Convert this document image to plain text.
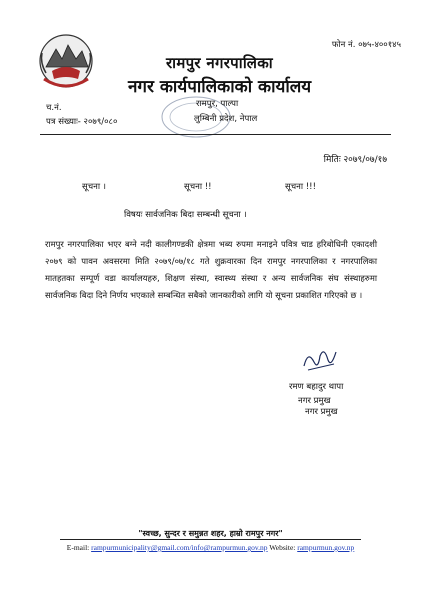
फोन नं. ०७५-४००१४५
रामपुर नगरपालिका
नगर कार्यपालिकाको कार्यालय
रामपुर, पाल्पा
लुम्बिनी प्रदेश, नेपाल
च.नं.
पत्र संख्याः- २०७९/०८०
मितिः २०७९/०७/१७
सूचना ।	सूचना !!	सूचना !!!
विषयः सार्वजनिक बिदा सम्बन्धी सूचना ।
रामपुर नगरपालिका भएर बग्ने नदी कालीगण्डकी क्षेत्रमा भब्य रुपमा मनाइने पवित्र चाड हरिबोधिनी एकादशी २०७९ को पावन अवसरमा मिति २०७९/०७/१८ गते शुक्रवारका दिन रामपुर नगरपालिका र नगरपालिका मातहतका सम्पूर्ण वडा कार्यालयहरु, शिक्षण संस्था, स्वास्थ्य संस्था र अन्य सार्वजनिक संघ संस्थाहरुमा सार्वजनिक बिदा दिने निर्णय भएकाले सम्बन्धित सबैको जानकारीको लागि यो सूचना प्रकाशित गरिएको छ ।
रमण बहादुर थापा
नगर प्रमुख
नगर प्रमुख
"स्वच्छ, सुन्दर र समुन्नत शहर, हाम्रो रामपुर नगर"
E-mail: rampurmunicipality@gmail.com/info@rampurmun.gov.np Website: rampurmun.gov.np
